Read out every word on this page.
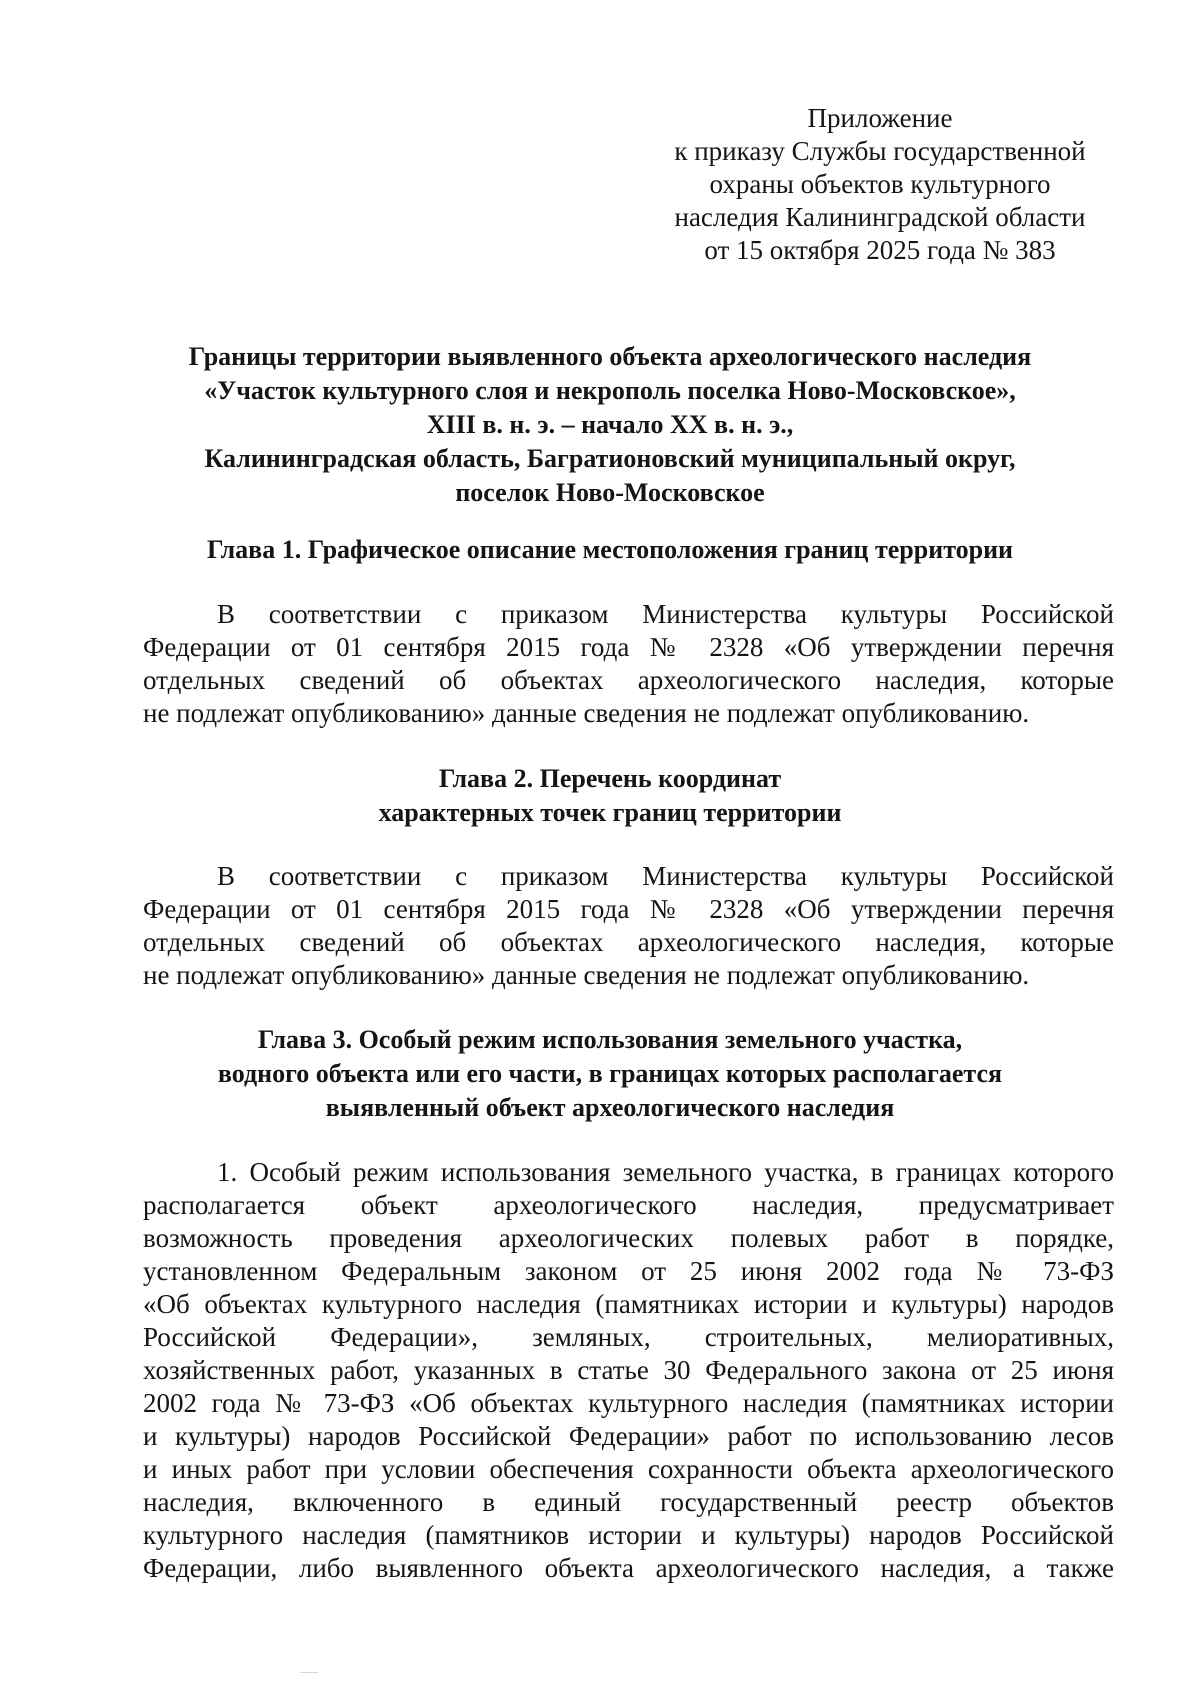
Приложение
к приказу Службы государственной
охраны объектов культурного
наследия Калининградской области
от 15 октября 2025 года № 383
Границы территории выявленного объекта археологического наследия
«Участок культурного слоя и некрополь поселка Ново-Московское»,
XIII в. н. э. – начало XX в. н. э.,
Калининградская область, Багратионовский муниципальный округ,
поселок Ново-Московское
Глава 1. Графическое описание местоположения границ территории
В соответствии с приказом Министерства культуры Российской
Федерации от 01 сентября 2015 года № 2328 «Об утверждении перечня
отдельных сведений об объектах археологического наследия, которые
не подлежат опубликованию» данные сведения не подлежат опубликованию.
Глава 2. Перечень координат
характерных точек границ территории
В соответствии с приказом Министерства культуры Российской
Федерации от 01 сентября 2015 года № 2328 «Об утверждении перечня
отдельных сведений об объектах археологического наследия, которые
не подлежат опубликованию» данные сведения не подлежат опубликованию.
Глава 3. Особый режим использования земельного участка,
водного объекта или его части, в границах которых располагается
выявленный объект археологического наследия
1. Особый режим использования земельного участка, в границах которого
располагается объект археологического наследия, предусматривает
возможность проведения археологических полевых работ в порядке,
установленном Федеральным законом от 25 июня 2002 года № 73-ФЗ
«Об объектах культурного наследия (памятниках истории и культуры) народов
Российской Федерации», земляных, строительных, мелиоративных,
хозяйственных работ, указанных в статье 30 Федерального закона от 25 июня
2002 года № 73-ФЗ «Об объектах культурного наследия (памятниках истории
и культуры) народов Российской Федерации» работ по использованию лесов
и иных работ при условии обеспечения сохранности объекта археологического
наследия, включенного в единый государственный реестр объектов
культурного наследия (памятников истории и культуры) народов Российской
Федерации, либо выявленного объекта археологического наследия, а также
